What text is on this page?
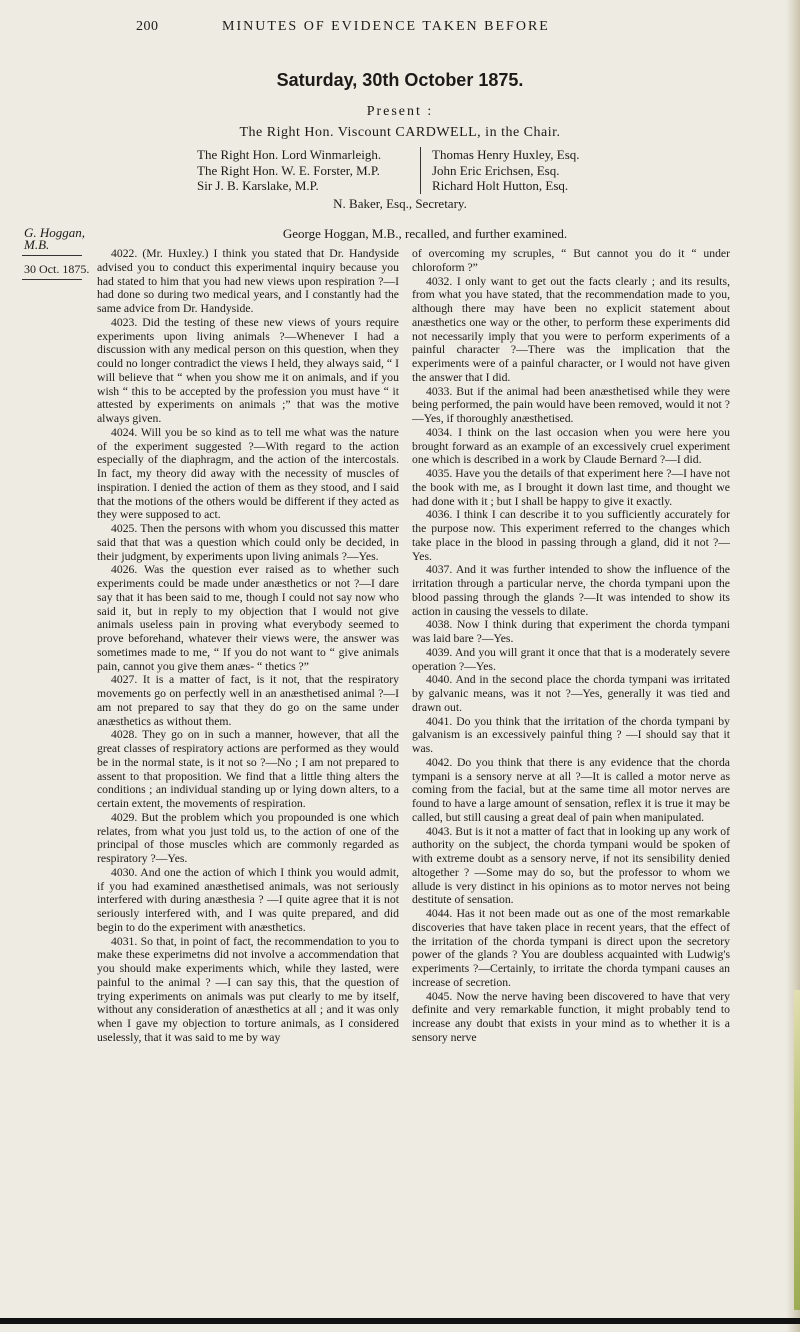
200	MINUTES OF EVIDENCE TAKEN BEFORE
Saturday, 30th October 1875.
Present :
The Right Hon. Viscount CARDWELL, in the Chair.
The Right Hon. Lord Winmarleigh.
The Right Hon. W. E. Forster, M.P.
Sir J. B. Karslake, M.P.
Thomas Henry Huxley, Esq.
John Eric Erichsen, Esq.
Richard Holt Hutton, Esq.
N. Baker, Esq., Secretary.
G. Hoggan, M.B.
30 Oct. 1875.
George Hoggan, M.B., recalled, and further examined.

4022. (Mr. Huxley.) I think you stated that Dr. Handyside advised you to conduct this experimental inquiry because you had stated to him that you had new views upon respiration ?—I had done so during two medical years, and I constantly had the same advice from Dr. Handyside.

4023. Did the testing of these new views of yours require experiments upon living animals ?—Whenever I had a discussion with any medical person on this question, when they could no longer contradict the views I held, they always said, “ I will believe that “ when you show me it on animals, and if you wish “ this to be accepted by the profession you must have “ it attested by experiments on animals ;” that was the motive always given.

4024. Will you be so kind as to tell me what was the nature of the experiment suggested ?—With regard to the action especially of the diaphragm, and the action of the intercostals. In fact, my theory did away with the necessity of muscles of inspiration. I denied the action of them as they stood, and I said that the motions of the others would be different if they acted as they were supposed to act.

4025. Then the persons with whom you discussed this matter said that that was a question which could only be decided, in their judgment, by experiments upon living animals ?—Yes.

4026. Was the question ever raised as to whether such experiments could be made under anæsthetics or not ?—I dare say that it has been said to me, though I could not say now who said it, but in reply to my objection that I would not give animals useless pain in proving what everybody seemed to prove beforehand, whatever their views were, the answer was sometimes made to me, “ If you do not want to “ give animals pain, cannot you give them anæs- “ thetics ?”

4027. It is a matter of fact, is it not, that the respiratory movements go on perfectly well in an anæsthetised animal ?—I am not prepared to say that they do go on the same under anæsthetics as without them.

4028. They go on in such a manner, however, that all the great classes of respiratory actions are performed as they would be in the normal state, is it not so ?—No ; I am not prepared to assent to that proposition. We find that a little thing alters the conditions ; an individual standing up or lying down alters, to a certain extent, the movements of respiration.

4029. But the problem which you propounded is one which relates, from what you just told us, to the action of one of the principal of those muscles which are commonly regarded as respiratory ?—Yes.

4030. And one the action of which I think you would admit, if you had examined anæsthetised animals, was not seriously interfered with during anæsthesia ? —I quite agree that it is not seriously interfered with, and I was quite prepared, and did begin to do the experiment with anæsthetics.

4031. So that, in point of fact, the recommendation to you to make these experimetns did not involve a accommendation that you should make experiments which, while they lasted, were painful to the animal ? —I can say this, that the question of trying experiments on animals was put clearly to me by itself, without any consideration of anæsthetics at all ; and it was only when I gave my objection to torture animals, as I considered uselessly, that it was said to me by way

of overcoming my scruples, “ But cannot you do it “ under chloroform ?”

4032. I only want to get out the facts clearly ; and its results, from what you have stated, that the recommendation made to you, although there may have been no explicit statement about anæsthetics one way or the other, to perform these experiments did not necessarily imply that you were to perform experiments of a painful character ?—There was the implication that the experiments were of a painful character, or I would not have given the answer that I did.

4033. But if the animal had been anæsthetised while they were being performed, the pain would have been removed, would it not ?—Yes, if thoroughly anæsthetised.

4034. I think on the last occasion when you were here you brought forward as an example of an excessively cruel experiment one which is described in a work by Claude Bernard ?—I did.

4035. Have you the details of that experiment here ?—I have not the book with me, as I brought it down last time, and thought we had done with it ; but I shall be happy to give it exactly.

4036. I think I can describe it to you sufficiently accurately for the purpose now. This experiment referred to the changes which take place in the blood in passing through a gland, did it not ?—Yes.

4037. And it was further intended to show the influence of the irritation through a particular nerve, the chorda tympani upon the blood passing through the glands ?—It was intended to show its action in causing the vessels to dilate.

4038. Now I think during that experiment the chorda tympani was laid bare ?—Yes.

4039. And you will grant it once that that is a moderately severe operation ?—Yes.

4040. And in the second place the chorda tympani was irritated by galvanic means, was it not ?—Yes, generally it was tied and drawn out.

4041. Do you think that the irritation of the chorda tympani by galvanism is an excessively painful thing ? —I should say that it was.

4042. Do you think that there is any evidence that the chorda tympani is a sensory nerve at all ?—It is called a motor nerve as coming from the facial, but at the same time all motor nerves are found to have a large amount of sensation, reflex it is true it may be called, but still causing a great deal of pain when manipulated.

4043. But is it not a matter of fact that in looking up any work of authority on the subject, the chorda tympani would be spoken of with extreme doubt as a sensory nerve, if not its sensibility denied altogether ? —Some may do so, but the professor to whom we allude is very distinct in his opinions as to motor nerves not being destitute of sensation.

4044. Has it not been made out as one of the most remarkable discoveries that have taken place in recent years, that the effect of the irritation of the chorda tympani is direct upon the secretory power of the glands ? You are doubless acquainted with Ludwig's experiments ?—Certainly, to irritate the chorda tympani causes an increase of secretion.

4045. Now the nerve having been discovered to have that very definite and very remarkable function, it might probably tend to increase any doubt that exists in your mind as to whether it is a sensory nerve
